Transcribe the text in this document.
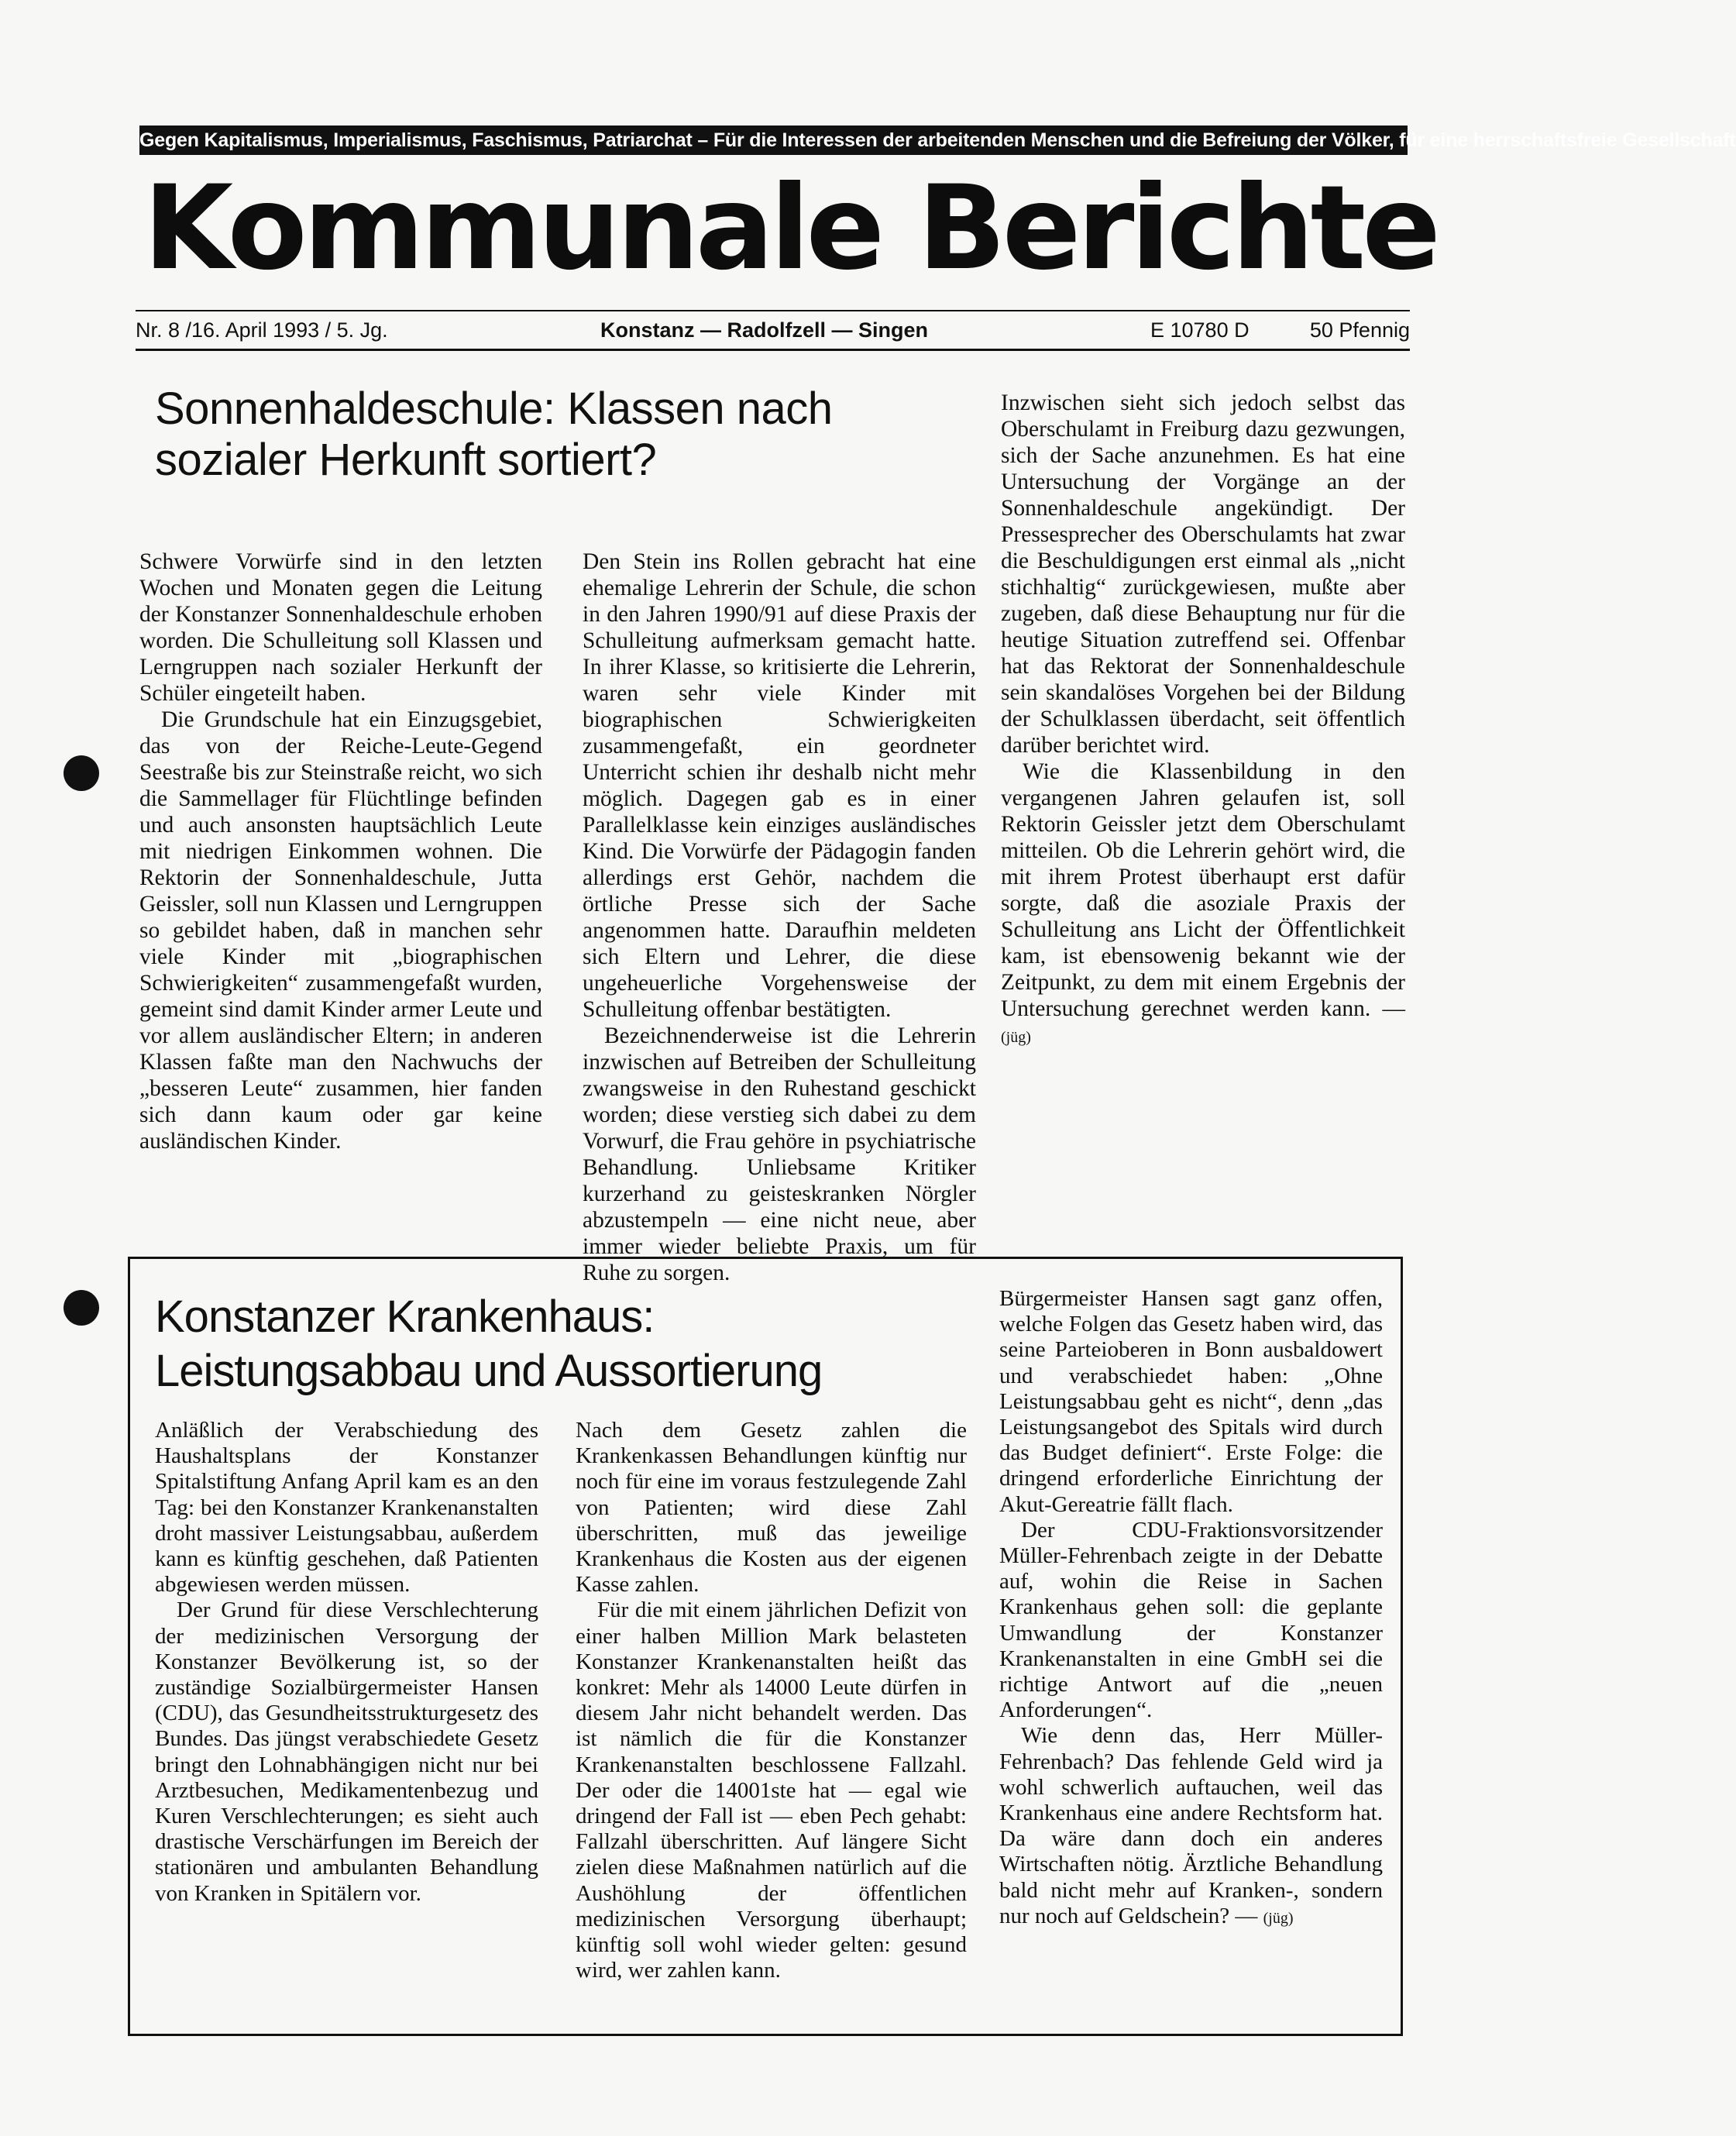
Gegen Kapitalismus, Imperialismus, Faschismus, Patriarchat – Für die Interessen der arbeitenden Menschen und die Befreiung der Völker, für eine herrschaftsfreie Gesellschaft
Kommunale Berichte
Nr. 8 /16. April 1993 / 5. Jg.	Konstanz — Radolfzell — Singen	E 10780 D	50 Pfennig
Sonnenhaldeschule: Klassen nach sozialer Herkunft sortiert?

Schwere Vorwürfe sind in den letzten Wochen und Monaten gegen die Leitung der Konstanzer Sonnenhaldeschule erhoben worden. Die Schulleitung soll Klassen und Lerngruppen nach sozialer Herkunft der Schüler eingeteilt haben.

Die Grundschule hat ein Einzugsgebiet, das von der Reiche-Leute-Gegend Seestraße bis zur Steinstraße reicht, wo sich die Sammellager für Flüchtlinge befinden und auch ansonsten hauptsächlich Leute mit niedrigen Einkommen wohnen. Die Rektorin der Sonnenhaldeschule, Jutta Geissler, soll nun Klassen und Lerngruppen so gebildet haben, daß in manchen sehr viele Kinder mit „biographischen Schwierigkeiten“ zusammengefaßt wurden, gemeint sind damit Kinder armer Leute und vor allem ausländischer Eltern; in anderen Klassen faßte man den Nachwuchs der „besseren Leute“ zusammen, hier fanden sich dann kaum oder gar keine ausländischen Kinder.

Den Stein ins Rollen gebracht hat eine ehemalige Lehrerin der Schule, die schon in den Jahren 1990/91 auf diese Praxis der Schulleitung aufmerksam gemacht hatte. In ihrer Klasse, so kritisierte die Lehrerin, waren sehr viele Kinder mit biographischen Schwierigkeiten zusammengefaßt, ein geordneter Unterricht schien ihr deshalb nicht mehr möglich. Dagegen gab es in einer Parallelklasse kein einziges ausländisches Kind. Die Vorwürfe der Pädagogin fanden allerdings erst Gehör, nachdem die örtliche Presse sich der Sache angenommen hatte. Daraufhin meldeten sich Eltern und Lehrer, die diese ungeheuerliche Vorgehensweise der Schulleitung offenbar bestätigten.

Bezeichnenderweise ist die Lehrerin inzwischen auf Betreiben der Schulleitung zwangsweise in den Ruhestand geschickt worden; diese verstieg sich dabei zu dem Vorwurf, die Frau gehöre in psychiatrische Behandlung. Unliebsame Kritiker kurzerhand zu geisteskranken Nörgler abzustempeln — eine nicht neue, aber immer wieder beliebte Praxis, um für Ruhe zu sorgen.

Inzwischen sieht sich jedoch selbst das Oberschulamt in Freiburg dazu gezwungen, sich der Sache anzunehmen. Es hat eine Untersuchung der Vorgänge an der Sonnenhaldeschule angekündigt. Der Pressesprecher des Oberschulamts hat zwar die Beschuldigungen erst einmal als „nicht stichhaltig“ zurückgewiesen, mußte aber zugeben, daß diese Behauptung nur für die heutige Situation zutreffend sei. Offenbar hat das Rektorat der Sonnenhaldeschule sein skandalöses Vorgehen bei der Bildung der Schulklassen überdacht, seit öffentlich darüber berichtet wird.

Wie die Klassenbildung in den vergangenen Jahren gelaufen ist, soll Rektorin Geissler jetzt dem Oberschulamt mitteilen. Ob die Lehrerin gehört wird, die mit ihrem Protest überhaupt erst dafür sorgte, daß die asoziale Praxis der Schulleitung ans Licht der Öffentlichkeit kam, ist ebensowenig bekannt wie der Zeitpunkt, zu dem mit einem Ergebnis der Untersuchung gerechnet werden kann. — (jüg)

Konstanzer Krankenhaus: Leistungsabbau und Aussortierung

Anläßlich der Verabschiedung des Haushaltsplans der Konstanzer Spitalstiftung Anfang April kam es an den Tag: bei den Konstanzer Krankenanstalten droht massiver Leistungsabbau, außerdem kann es künftig geschehen, daß Patienten abgewiesen werden müssen.

Der Grund für diese Verschlechterung der medizinischen Versorgung der Konstanzer Bevölkerung ist, so der zuständige Sozialbürgermeister Hansen (CDU), das Gesundheitsstrukturgesetz des Bundes. Das jüngst verabschiedete Gesetz bringt den Lohnabhängigen nicht nur bei Arztbesuchen, Medikamentenbezug und Kuren Verschlechterungen; es sieht auch drastische Verschärfungen im Bereich der stationären und ambulanten Behandlung von Kranken in Spitälern vor.

Nach dem Gesetz zahlen die Krankenkassen Behandlungen künftig nur noch für eine im voraus festzulegende Zahl von Patienten; wird diese Zahl überschritten, muß das jeweilige Krankenhaus die Kosten aus der eigenen Kasse zahlen.

Für die mit einem jährlichen Defizit von einer halben Million Mark belasteten Konstanzer Krankenanstalten heißt das konkret: Mehr als 14000 Leute dürfen in diesem Jahr nicht behandelt werden. Das ist nämlich die für die Konstanzer Krankenanstalten beschlossene Fallzahl. Der oder die 14001ste hat — egal wie dringend der Fall ist — eben Pech gehabt: Fallzahl überschritten. Auf längere Sicht zielen diese Maßnahmen natürlich auf die Aushöhlung der öffentlichen medizinischen Versorgung überhaupt; künftig soll wohl wieder gelten: gesund wird, wer zahlen kann.

Bürgermeister Hansen sagt ganz offen, welche Folgen das Gesetz haben wird, das seine Parteioberen in Bonn ausbaldowert und verabschiedet haben: „Ohne Leistungsabbau geht es nicht“, denn „das Leistungsangebot des Spitals wird durch das Budget definiert“. Erste Folge: die dringend erforderliche Einrichtung der Akut-Gereatrie fällt flach.

Der CDU-Fraktionsvorsitzender Müller-Fehrenbach zeigte in der Debatte auf, wohin die Reise in Sachen Krankenhaus gehen soll: die geplante Umwandlung der Konstanzer Krankenanstalten in eine GmbH sei die richtige Antwort auf die „neuen Anforderungen“.

Wie denn das, Herr Müller-Fehrenbach? Das fehlende Geld wird ja wohl schwerlich auftauchen, weil das Krankenhaus eine andere Rechtsform hat. Da wäre dann doch ein anderes Wirtschaften nötig. Ärztliche Behandlung bald nicht mehr auf Kranken-, sondern nur noch auf Geldschein? — (jüg)
